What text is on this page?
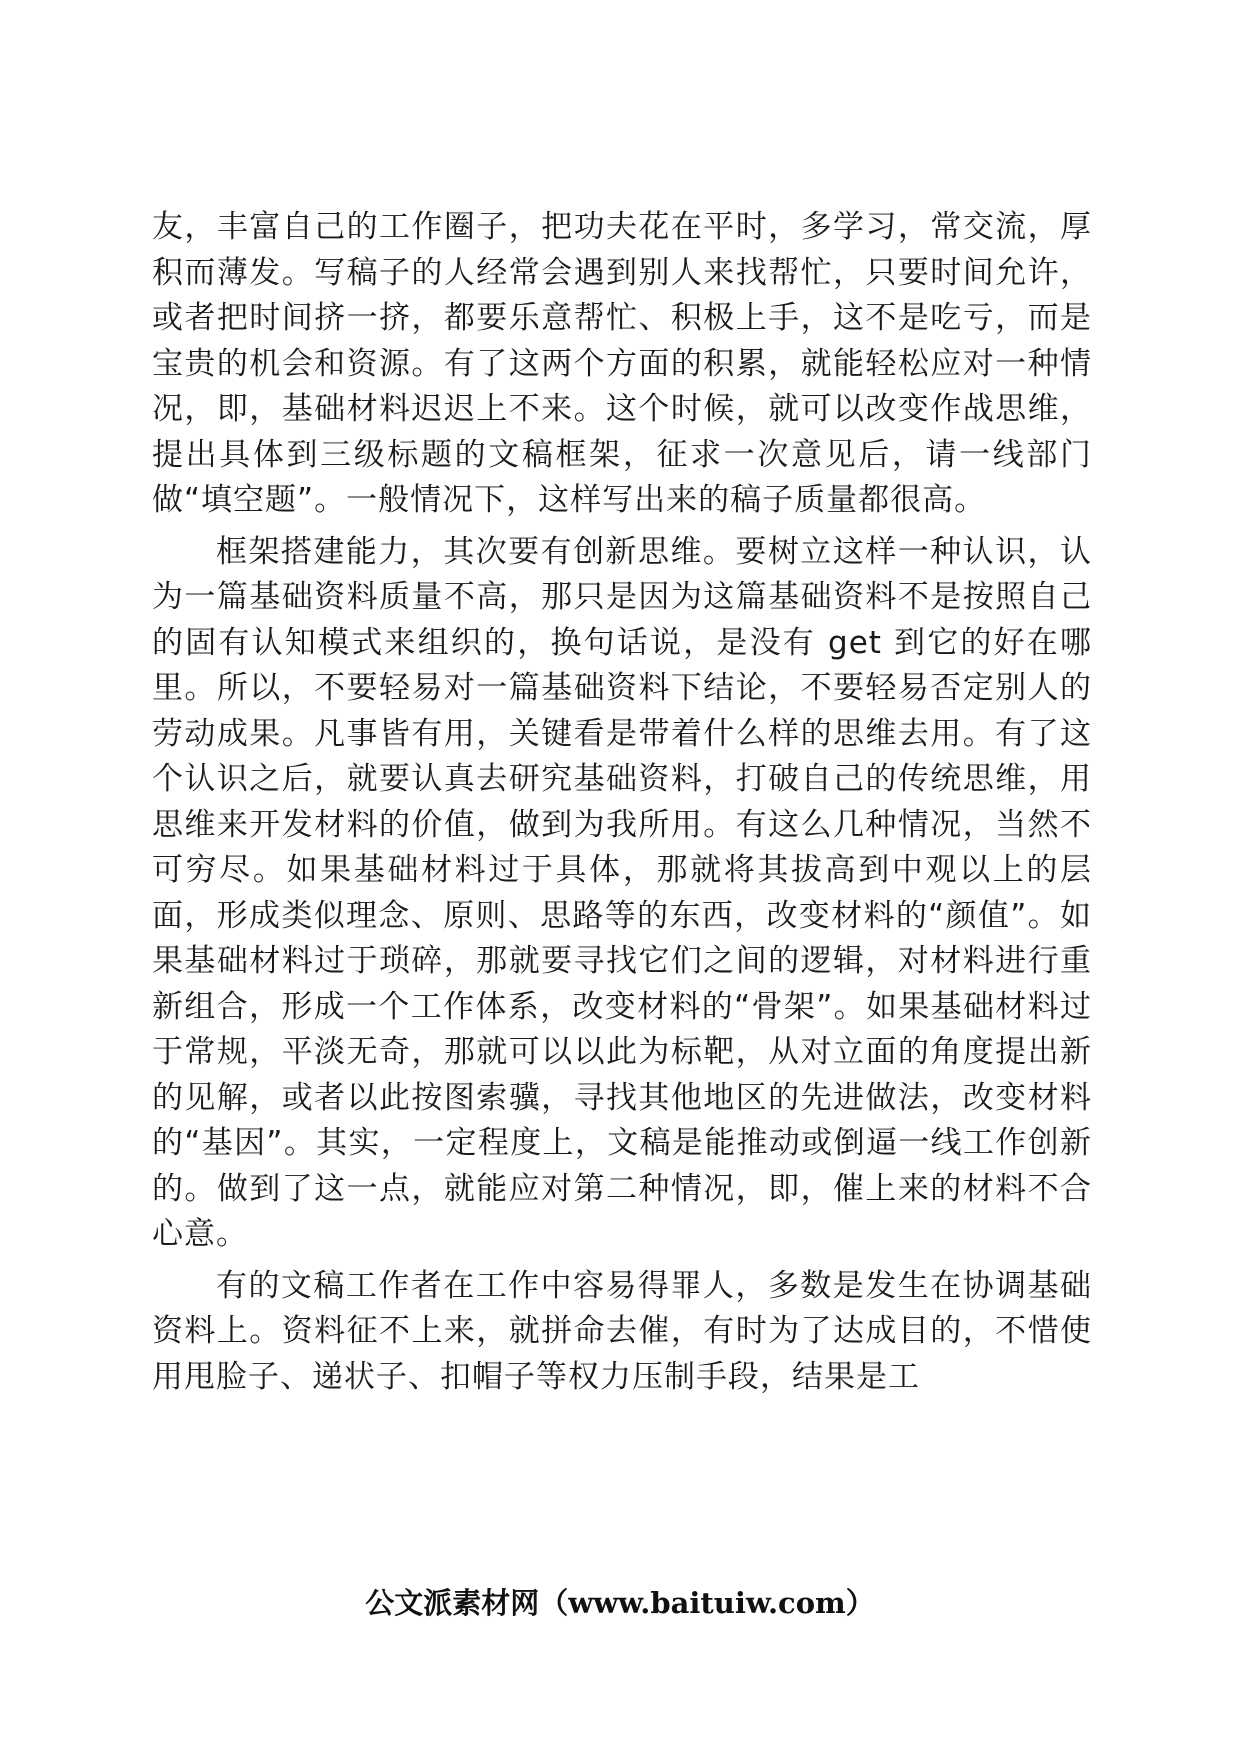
友，丰富自己的工作圈子，把功夫花在平时，多学习，常交流，厚积而薄发。写稿子的人经常会遇到别人来找帮忙，只要时间允许，或者把时间挤一挤，都要乐意帮忙、积极上手，这不是吃亏，而是宝贵的机会和资源。有了这两个方面的积累，就能轻松应对一种情况，即，基础材料迟迟上不来。这个时候，就可以改变作战思维，提出具体到三级标题的文稿框架，征求一次意见后，请一线部门做“填空题”。一般情况下，这样写出来的稿子质量都很高。

框架搭建能力，其次要有创新思维。要树立这样一种认识，认为一篇基础资料质量不高，那只是因为这篇基础资料不是按照自己的固有认知模式来组织的，换句话说，是没有 get 到它的好在哪里。所以，不要轻易对一篇基础资料下结论，不要轻易否定别人的劳动成果。凡事皆有用，关键看是带着什么样的思维去用。有了这个认识之后，就要认真去研究基础资料，打破自己的传统思维，用思维来开发材料的价值，做到为我所用。有这么几种情况，当然不可穷尽。如果基础材料过于具体，那就将其拔高到中观以上的层面，形成类似理念、原则、思路等的东西，改变材料的“颜值”。如果基础材料过于琐碎，那就要寻找它们之间的逻辑，对材料进行重新组合，形成一个工作体系，改变材料的“骨架”。如果基础材料过于常规，平淡无奇，那就可以以此为标靶，从对立面的角度提出新的见解，或者以此按图索骥，寻找其他地区的先进做法，改变材料的“基因”。其实，一定程度上，文稿是能推动或倒逼一线工作创新的。做到了这一点，就能应对第二种情况，即，催上来的材料不合心意。

有的文稿工作者在工作中容易得罪人，多数是发生在协调基础资料上。资料征不上来，就拼命去催，有时为了达成目的，不惜使用甩脸子、递状子、扣帽子等权力压制手段，结果是工

公文派素材网（www.baituiw.com）
